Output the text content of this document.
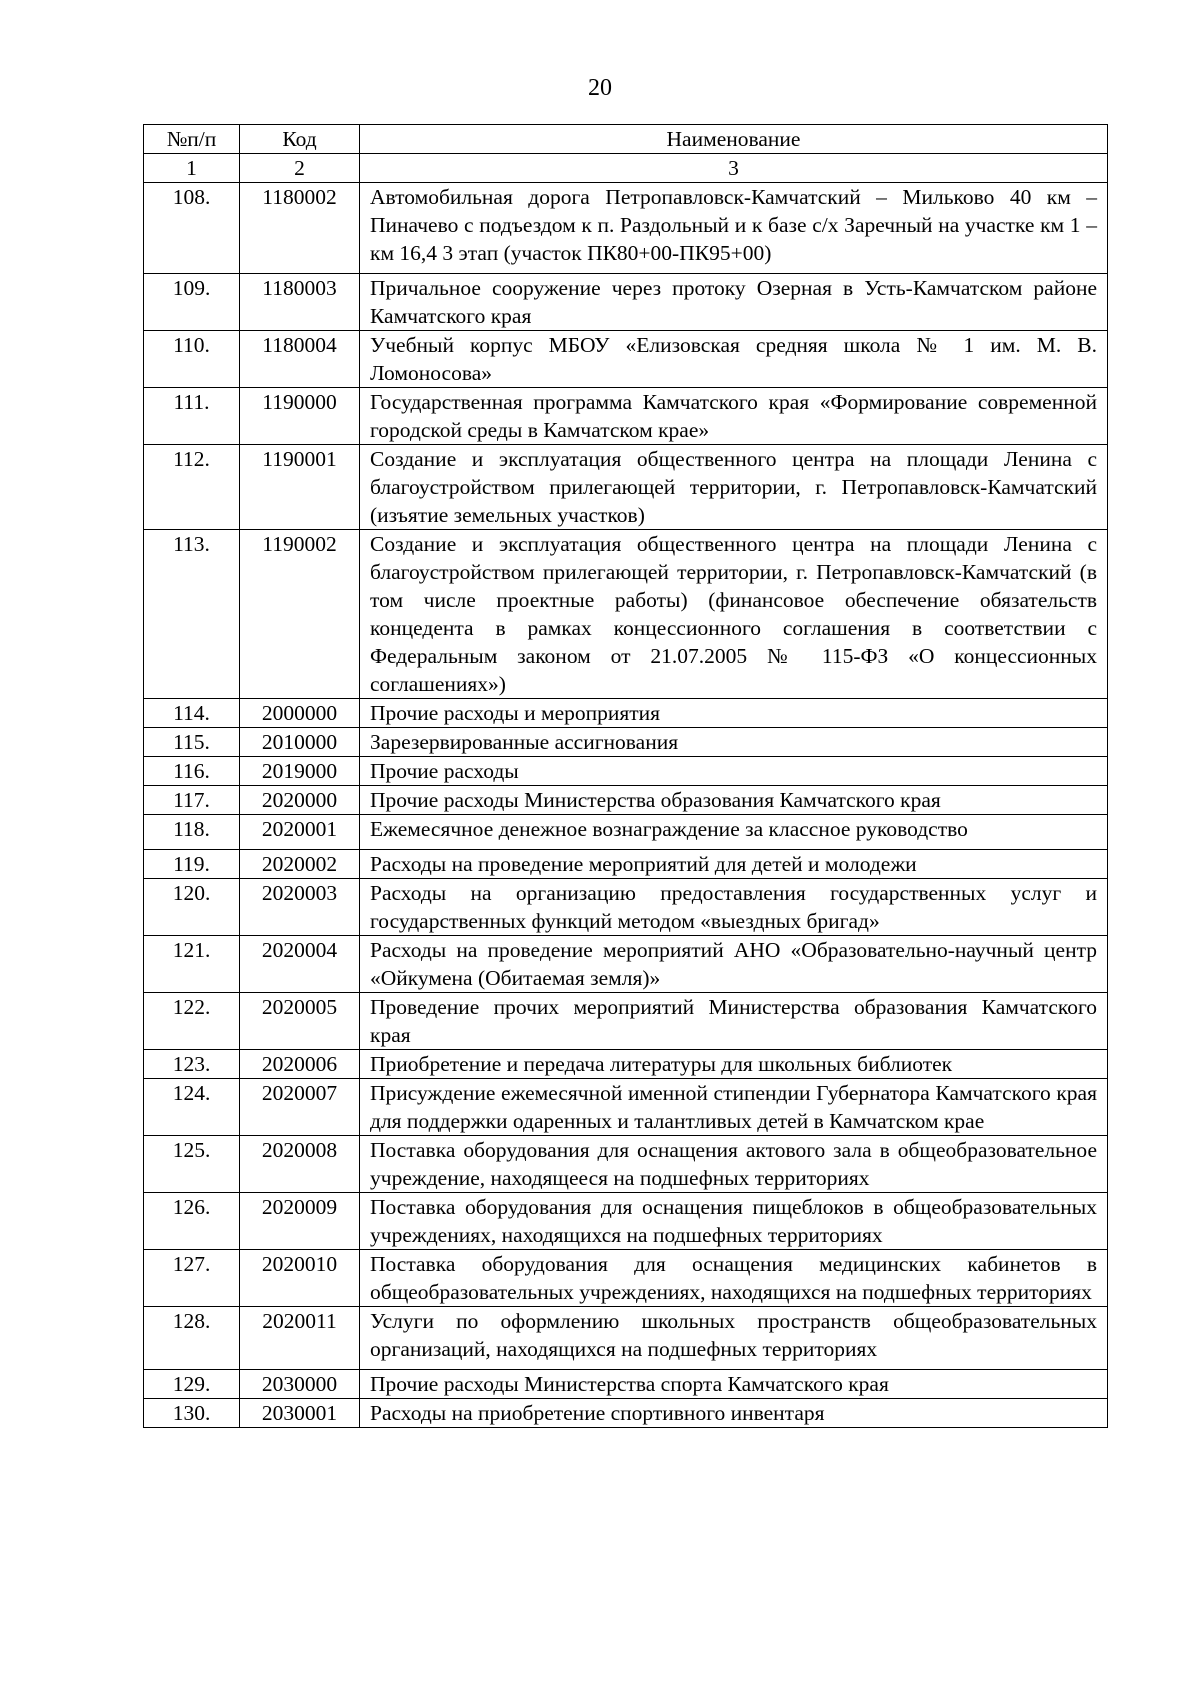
20
№п/п	Код	Наименование
1	2	3
108.	1180002	Автомобильная дорога Петропавловск-Камчатский – Мильково 40 км – Пиначево с подъездом к п. Раздольный и к базе с/х Заречный на участке км 1 – км 16,4 3 этап (участок ПК80+00-ПК95+00)
109.	1180003	Причальное сооружение через протоку Озерная в Усть-Камчатском районе Камчатского края
110.	1180004	Учебный корпус МБОУ «Елизовская средняя школа № 1 им. М. В. Ломоносова»
111.	1190000	Государственная программа Камчатского края «Формирование современной городской среды в Камчатском крае»
112.	1190001	Создание и эксплуатация общественного центра на площади Ленина с благоустройством прилегающей территории, г. Петропавловск-Камчатский (изъятие земельных участков)
113.	1190002	Создание и эксплуатация общественного центра на площади Ленина с благоустройством прилегающей территории, г. Петропавловск-Камчатский (в том числе проектные работы) (финансовое обеспечение обязательств концедента в рамках концессионного соглашения в соответствии с Федеральным законом от 21.07.2005 № 115-ФЗ «О концессионных соглашениях»)
114.	2000000	Прочие расходы и мероприятия
115.	2010000	Зарезервированные ассигнования
116.	2019000	Прочие расходы
117.	2020000	Прочие расходы Министерства образования Камчатского края
118.	2020001	Ежемесячное денежное вознаграждение за классное руководство
119.	2020002	Расходы на проведение мероприятий для детей и молодежи
120.	2020003	Расходы на организацию предоставления государственных услуг и государственных функций методом «выездных бригад»
121.	2020004	Расходы на проведение мероприятий АНО «Образовательно-научный центр «Ойкумена (Обитаемая земля)»
122.	2020005	Проведение прочих мероприятий Министерства образования Камчатского края
123.	2020006	Приобретение и передача литературы для школьных библиотек
124.	2020007	Присуждение ежемесячной именной стипендии Губернатора Камчатского края для поддержки одаренных и талантливых детей в Камчатском крае
125.	2020008	Поставка оборудования для оснащения актового зала в общеобразовательное учреждение, находящееся на подшефных территориях
126.	2020009	Поставка оборудования для оснащения пищеблоков в общеобразовательных учреждениях, находящихся на подшефных территориях
127.	2020010	Поставка оборудования для оснащения медицинских кабинетов в общеобразовательных учреждениях, находящихся на подшефных территориях
128.	2020011	Услуги по оформлению школьных пространств общеобразовательных организаций, находящихся на подшефных территориях
129.	2030000	Прочие расходы Министерства спорта Камчатского края
130.	2030001	Расходы на приобретение спортивного инвентаря
